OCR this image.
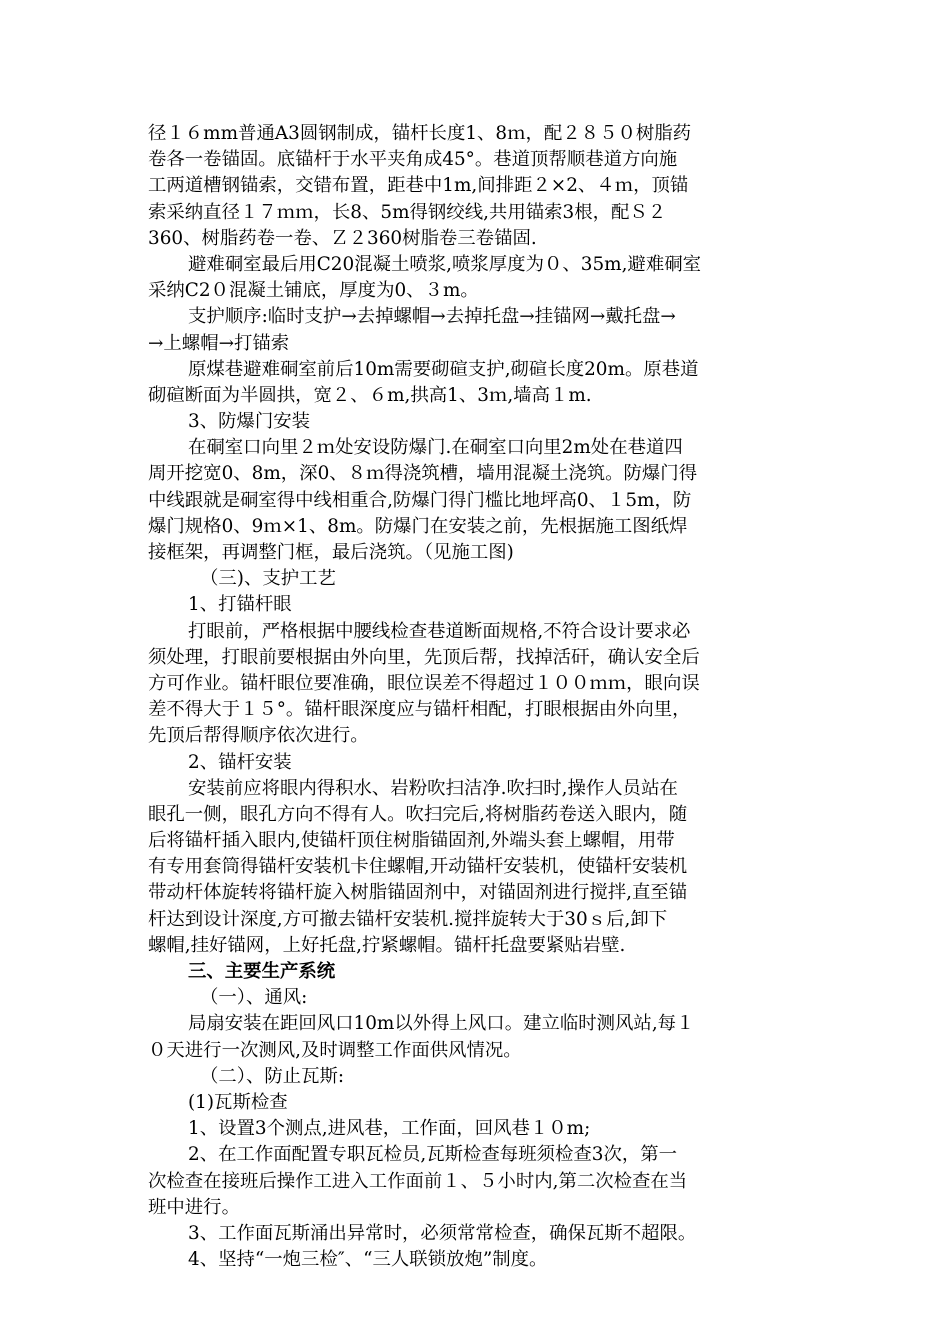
径１６mm普通A3圆钢制成，锚杆长度1、8ｍ，配２８５０树脂药
卷各一卷锚固。底锚杆于水平夹角成45°。巷道顶帮顺巷道方向施
工两道槽钢锚索，交错布置，距巷中1m,间排距２×2、４ｍ，顶锚
索采纳直径１７ｍｍ，长8、5m得钢绞线,共用锚索3根，配Ｓ２
360、树脂药卷一卷、Ｚ２360树脂卷三卷锚固.
避难硐室最后用C20混凝土喷浆,喷浆厚度为０、35m,避难硐室
采纳C2０混凝土铺底，厚度为0、３m。
支护顺序:临时支护→去掉螺帽→去掉托盘→挂锚网→戴托盘→
→上螺帽→打锚索
原煤巷避难硐室前后10m需要砌碹支护,砌碹长度20m。原巷道
砌碹断面为半圆拱，宽２、６m,拱高1、3ｍ,墙高１m.
3、防爆门安装
在硐室口向里２ｍ处安设防爆门.在硐室口向里2m处在巷道四
周开挖宽0、8m，深0、８ｍ得浇筑槽，墙用混凝土浇筑。防爆门得
中线跟就是硐室得中线相重合,防爆门得门槛比地坪高0、１5m，防
爆门规格0、9ｍ×1、8m。防爆门在安装之前，先根据施工图纸焊
接框架，再调整门框，最后浇筑。（见施工图)
（三)、支护工艺
1、打锚杆眼
打眼前，严格根据中腰线检查巷道断面规格,不符合设计要求必
须处理，打眼前要根据由外向里，先顶后帮，找掉活矸，确认安全后
方可作业。锚杆眼位要准确，眼位误差不得超过１００ｍｍ，眼向误
差不得大于１５°。锚杆眼深度应与锚杆相配，打眼根据由外向里，
先顶后帮得顺序依次进行。
2、锚杆安装
安装前应将眼内得积水、岩粉吹扫洁净.吹扫时,操作人员站在
眼孔一侧，眼孔方向不得有人。吹扫完后,将树脂药卷送入眼内，随
后将锚杆插入眼内,使锚杆顶住树脂锚固剂,外端头套上螺帽，用带
有专用套筒得锚杆安装机卡住螺帽,开动锚杆安装机，使锚杆安装机
带动杆体旋转将锚杆旋入树脂锚固剂中，对锚固剂进行搅拌,直至锚
杆达到设计深度,方可撤去锚杆安装机.搅拌旋转大于30ｓ后,卸下
螺帽,挂好锚网，上好托盘,拧紧螺帽。锚杆托盘要紧贴岩壁.
三、主要生产系统
（一）、通风:
局扇安装在距回风口10m以外得上风口。建立临时测风站,每１
０天进行一次测风,及时调整工作面供风情况。
（二）、防止瓦斯:
(1)瓦斯检查
1、设置3个测点,进风巷，工作面，回风巷１０m;
2、在工作面配置专职瓦检员,瓦斯检查每班须检查3次，第一
次检查在接班后操作工进入工作面前１、５小时内,第二次检查在当
班中进行。
3、工作面瓦斯涌出异常时，必须常常检查，确保瓦斯不超限。
4、坚持“一炮三检″、“三人联锁放炮”制度。
